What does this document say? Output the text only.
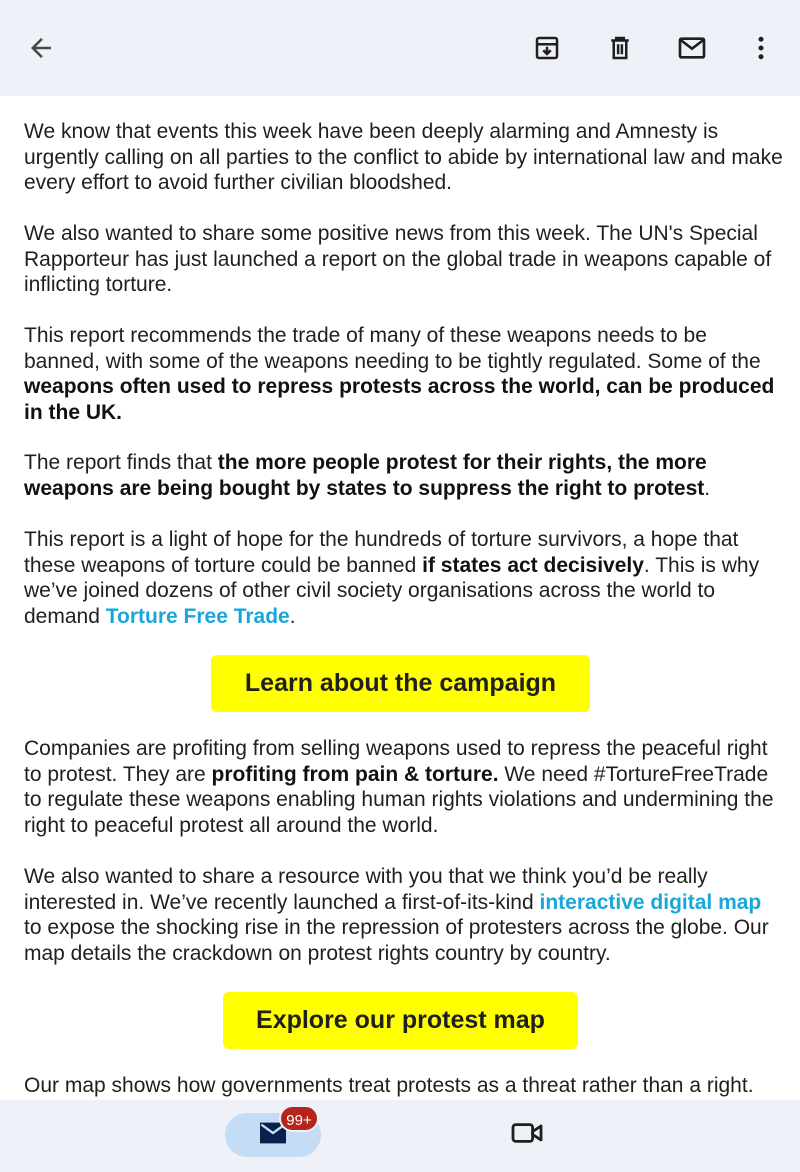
We know that events this week have been deeply alarming and Amnesty is urgently calling on all parties to the conflict to abide by international law and make every effort to avoid further civilian bloodshed.

We also wanted to share some positive news from this week. The UN's Special Rapporteur has just launched a report on the global trade in weapons capable of inflicting torture.

This report recommends the trade of many of these weapons needs to be banned, with some of the weapons needing to be tightly regulated. Some of the weapons often used to repress protests across the world, can be produced in the UK.

The report finds that the more people protest for their rights, the more weapons are being bought by states to suppress the right to protest.

This report is a light of hope for the hundreds of torture survivors, a hope that these weapons of torture could be banned if states act decisively. This is why we’ve joined dozens of other civil society organisations across the world to demand Torture Free Trade.

Learn about the campaign

Companies are profiting from selling weapons used to repress the peaceful right to protest. They are profiting from pain & torture. We need #TortureFreeTrade to regulate these weapons enabling human rights violations and undermining the right to peaceful protest all around the world.

We also wanted to share a resource with you that we think you’d be really interested in. We’ve recently launched a first-of-its-kind interactive digital map to expose the shocking rise in the repression of protesters across the globe. Our map details the crackdown on protest rights country by country.

Explore our protest map

Our map shows how governments treat protests as a threat rather than a right.

99+
